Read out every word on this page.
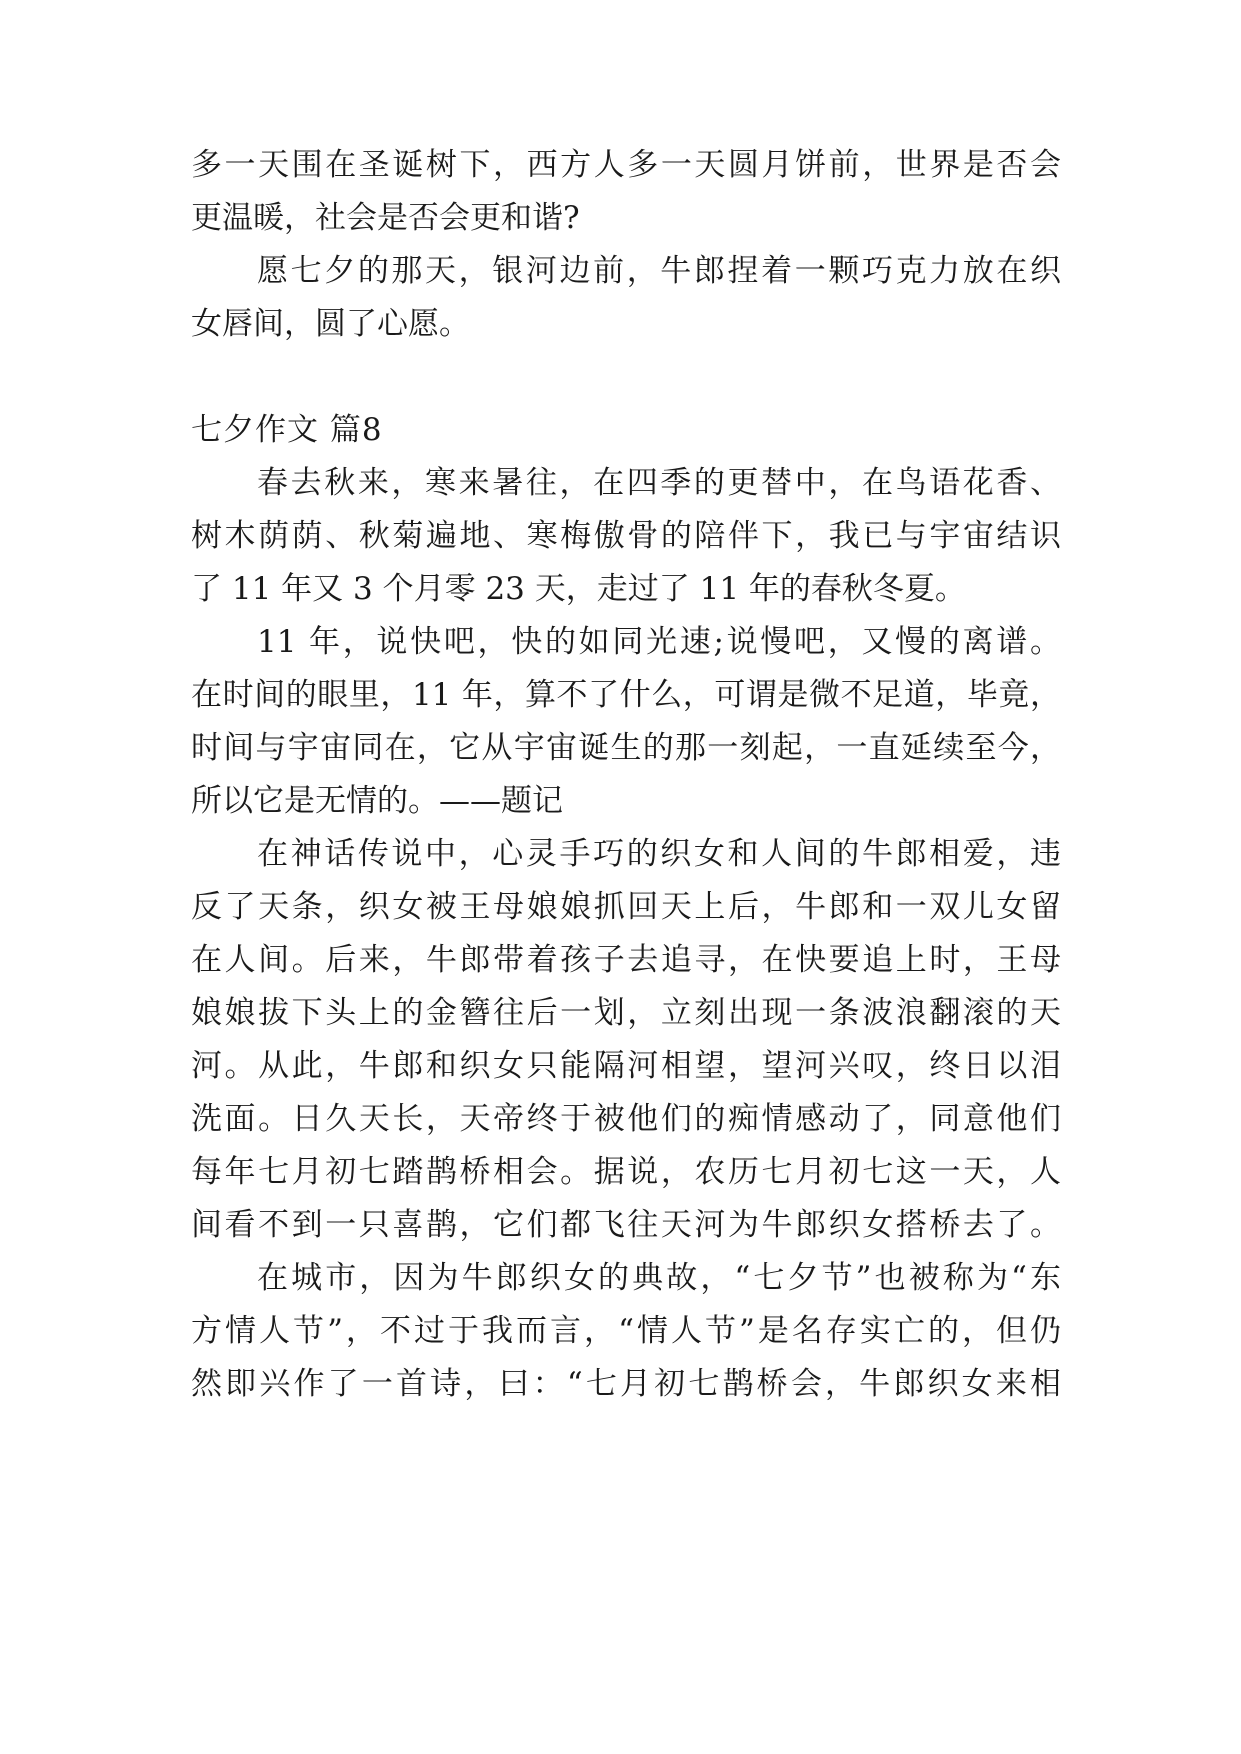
多一天围在圣诞树下，西方人多一天圆月饼前，世界是否会
更温暖，社会是否会更和谐?
愿七夕的那天，银河边前，牛郎捏着一颗巧克力放在织
女唇间，圆了心愿。
七夕作文 篇8
春去秋来，寒来暑往，在四季的更替中，在鸟语花香、
树木荫荫、秋菊遍地、寒梅傲骨的陪伴下，我已与宇宙结识
了 11 年又 3 个月零 23 天，走过了 11 年的春秋冬夏。
11 年，说快吧，快的如同光速;说慢吧，又慢的离谱。
在时间的眼里，11 年，算不了什么，可谓是微不足道，毕竟，
时间与宇宙同在，它从宇宙诞生的那一刻起，一直延续至今，
所以它是无情的。——题记
在神话传说中，心灵手巧的织女和人间的牛郎相爱，违
反了天条，织女被王母娘娘抓回天上后，牛郎和一双儿女留
在人间。后来，牛郎带着孩子去追寻，在快要追上时，王母
娘娘拔下头上的金簪往后一划，立刻出现一条波浪翻滚的天
河。从此，牛郎和织女只能隔河相望，望河兴叹，终日以泪
洗面。日久天长，天帝终于被他们的痴情感动了，同意他们
每年七月初七踏鹊桥相会。据说，农历七月初七这一天，人
间看不到一只喜鹊，它们都飞往天河为牛郎织女搭桥去了。
在城市，因为牛郎织女的典故，“七夕节”也被称为“东
方情人节”，不过于我而言，“情人节”是名存实亡的，但仍
然即兴作了一首诗，曰：“七月初七鹊桥会，牛郎织女来相
